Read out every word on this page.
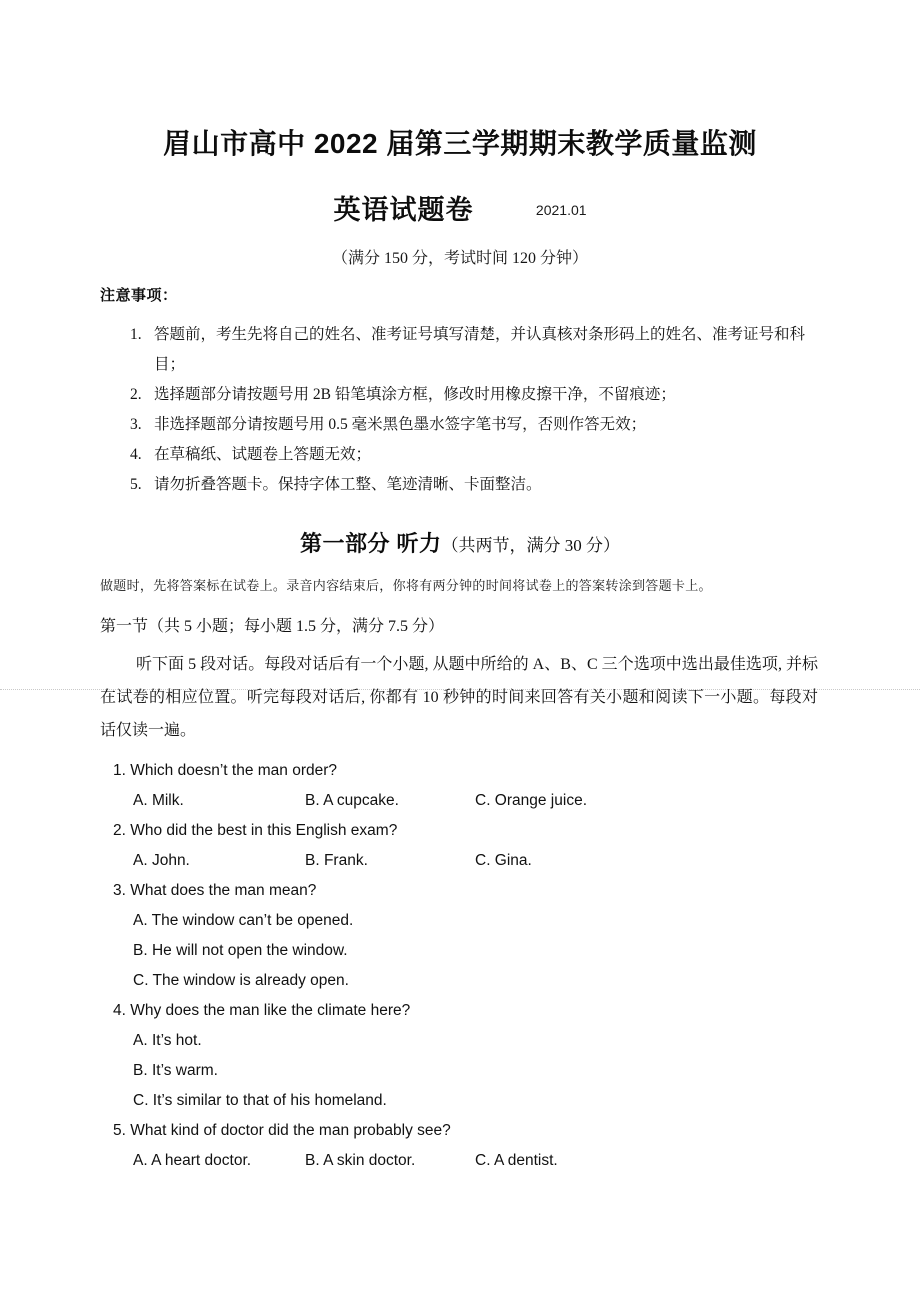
眉山市高中 2022 届第三学期期末教学质量监测
英语试题卷	2021.01
（满分 150 分，考试时间 120 分钟）
注意事项：
1. 答题前，考生先将自己的姓名、准考证号填写清楚，并认真核对条形码上的姓名、准考证号和科目；
2. 选择题部分请按题号用 2B 铅笔填涂方框，修改时用橡皮擦干净，不留痕迹；
3. 非选择题部分请按题号用 0.5 毫米黑色墨水签字笔书写，否则作答无效；
4. 在草稿纸、试题卷上答题无效；
5. 请勿折叠答题卡。保持字体工整、笔迹清晰、卡面整洁。
第一部分 听力（共两节，满分 30 分）
做题时，先将答案标在试卷上。录音内容结束后，你将有两分钟的时间将试卷上的答案转涂到答题卡上。
第一节（共 5 小题；每小题 1.5 分，满分 7.5 分）
听下面 5 段对话。每段对话后有一个小题, 从题中所给的 A、B、C 三个选项中选出最佳选项, 并标在试卷的相应位置。听完每段对话后, 你都有 10 秒钟的时间来回答有关小题和阅读下一小题。每段对话仅读一遍。
1. Which doesn’t the man order?
A. Milk.	B. A cupcake.	C. Orange juice.
2. Who did the best in this English exam?
A. John.	B. Frank.	C. Gina.
3. What does the man mean?
A. The window can’t be opened.
B. He will not open the window.
C. The window is already open.
4. Why does the man like the climate here?
A. It’s hot.
B. It’s warm.
C. It’s similar to that of his homeland.
5. What kind of doctor did the man probably see?
A. A heart doctor.	B. A skin doctor.	C. A dentist.
